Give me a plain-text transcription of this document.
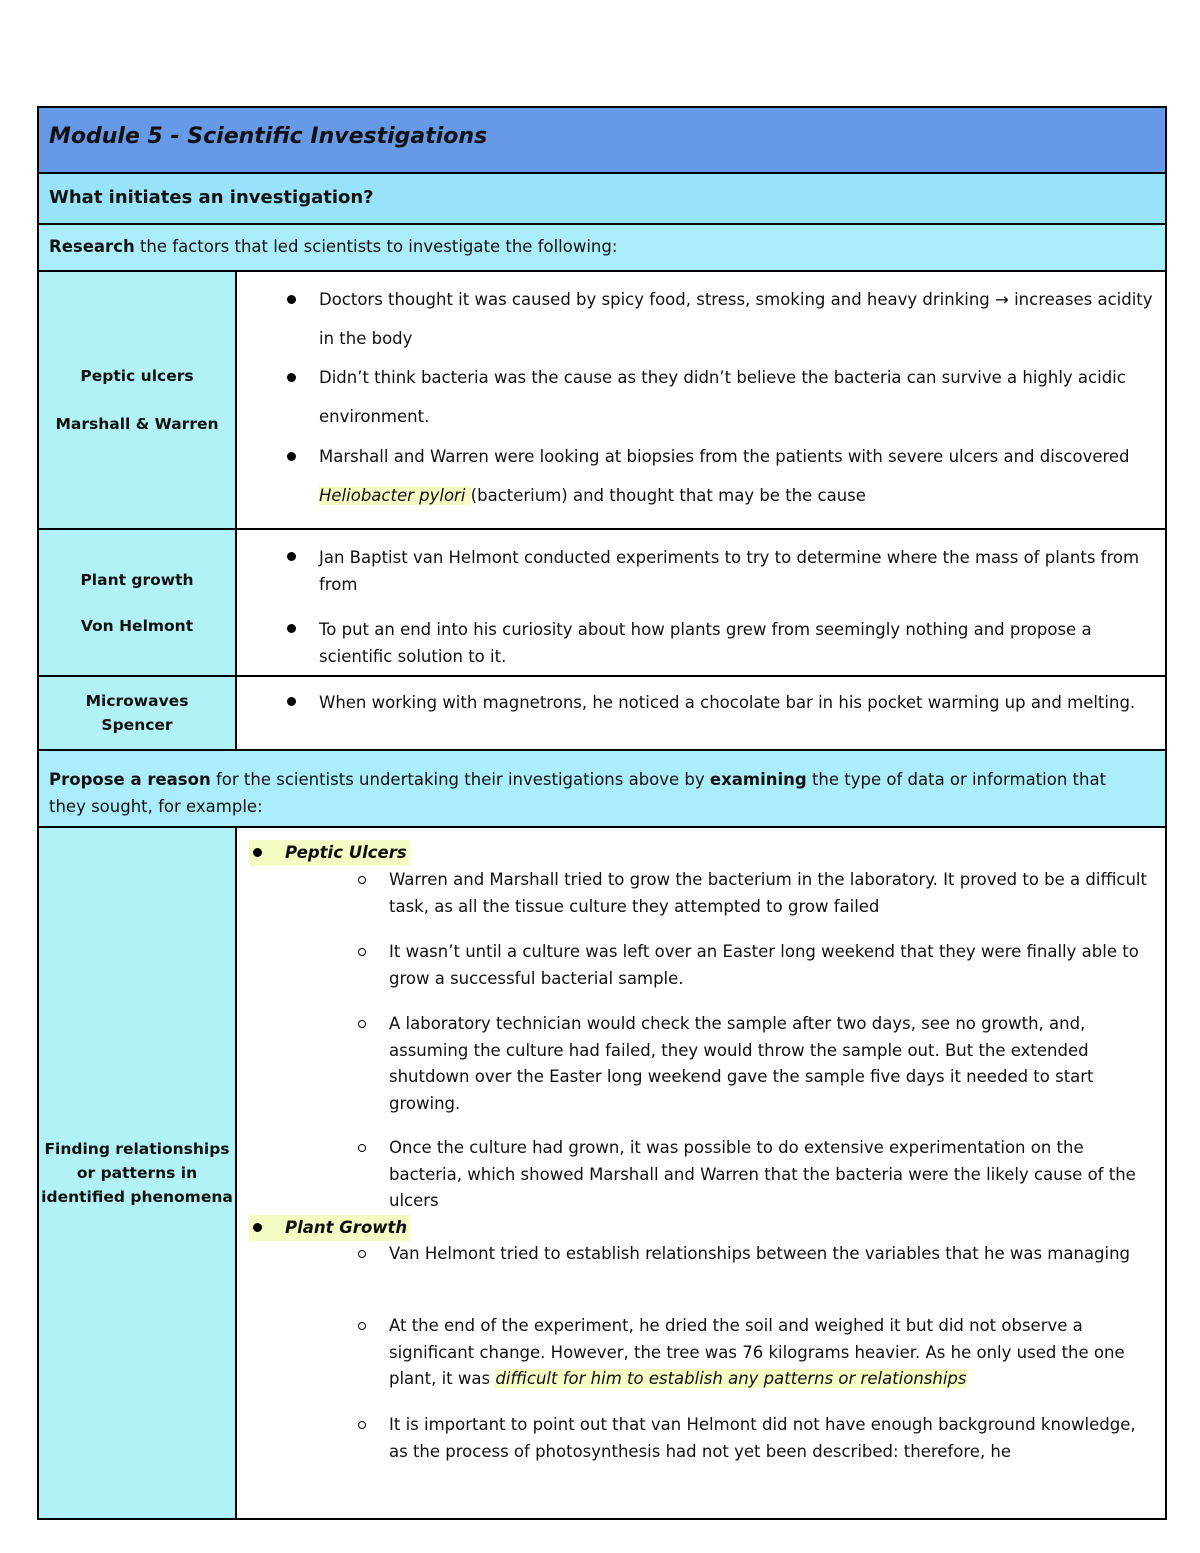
Module 5 - Scientific Investigations
What initiates an investigation?
Research the factors that led scientists to investigate the following:
Peptic ulcers
Marshall & Warren
Doctors thought it was caused by spicy food, stress, smoking and heavy drinking → increases acidity in the body
Didn’t think bacteria was the cause as they didn’t believe the bacteria can survive a highly acidic environment.
Marshall and Warren were looking at biopsies from the patients with severe ulcers and discovered Heliobacter pylori (bacterium) and thought that may be the cause
Plant growth
Von Helmont
Jan Baptist van Helmont conducted experiments to try to determine where the mass of plants from from
To put an end into his curiosity about how plants grew from seemingly nothing and propose a scientific solution to it.
Microwaves
Spencer
When working with magnetrons, he noticed a chocolate bar in his pocket warming up and melting.
Propose a reason for the scientists undertaking their investigations above by examining the type of data or information that they sought, for example:
Finding relationships
or patterns in
identified phenomena
Peptic Ulcers
Warren and Marshall tried to grow the bacterium in the laboratory. It proved to be a difficult task, as all the tissue culture they attempted to grow failed
It wasn’t until a culture was left over an Easter long weekend that they were finally able to grow a successful bacterial sample.
A laboratory technician would check the sample after two days, see no growth, and, assuming the culture had failed, they would throw the sample out. But the extended shutdown over the Easter long weekend gave the sample five days it needed to start growing.
Once the culture had grown, it was possible to do extensive experimentation on the bacteria, which showed Marshall and Warren that the bacteria were the likely cause of the ulcers
Plant Growth
Van Helmont tried to establish relationships between the variables that he was managing
At the end of the experiment, he dried the soil and weighed it but did not observe a significant change. However, the tree was 76 kilograms heavier. As he only used the one plant, it was difficult for him to establish any patterns or relationships
It is important to point out that van Helmont did not have enough background knowledge, as the process of photosynthesis had not yet been described: therefore, he
